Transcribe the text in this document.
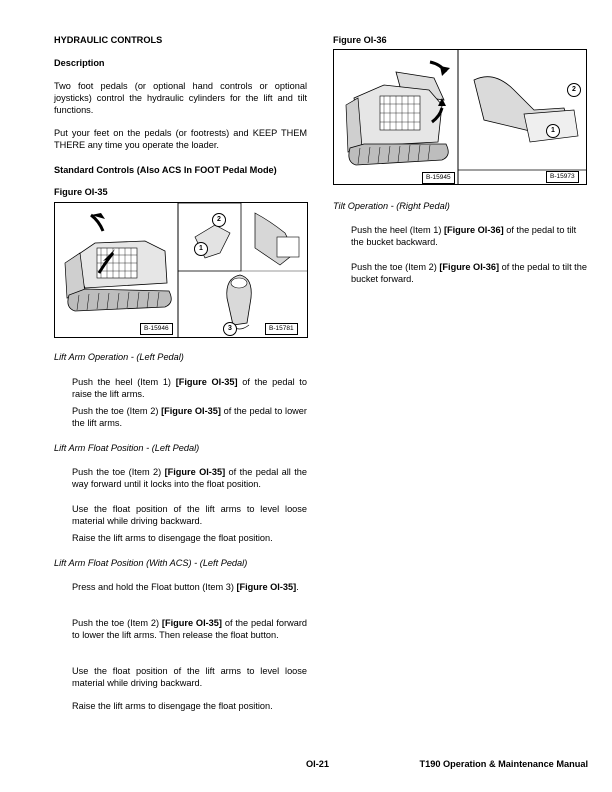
HYDRAULIC CONTROLS
Description

Two foot pedals (or optional hand controls or optional joysticks) control the hydraulic cylinders for the lift and tilt functions.

Put your feet on the pedals (or footrests) and KEEP THEM THERE any time you operate the loader.

Standard Controls (Also ACS In FOOT Pedal Mode)
Figure OI-35
2
1
3
B-15946	B-15781
Lift Arm Operation - (Left Pedal)

Push the heel (Item 1) [Figure OI-35] of the pedal to raise the lift arms.

Push the toe (Item 2) [Figure OI-35] of the pedal to lower the lift arms.

Lift Arm Float Position - (Left Pedal)

Push the toe (Item 2) [Figure OI-35] of the pedal all the way forward until it locks into the float position.

Use the float position of the lift arms to level loose material while driving backward.

Raise the lift arms to disengage the float position.

Lift Arm Float Position (With ACS) - (Left Pedal)

Press and hold the Float button (Item 3) [Figure OI-35].

Push the toe (Item 2) [Figure OI-35] of the pedal forward to lower the lift arms. Then release the float button.

Use the float position of the lift arms to level loose material while driving backward.

Raise the lift arms to disengage the float position.

Figure OI-36
2
1
B-15945	B-15973
Tilt Operation - (Right Pedal)

Push the heel (Item 1) [Figure OI-36] of the pedal to tilt the bucket backward.

Push the toe (Item 2) [Figure OI-36] of the pedal to tilt the bucket forward.

OI-21	T190 Operation & Maintenance Manual
